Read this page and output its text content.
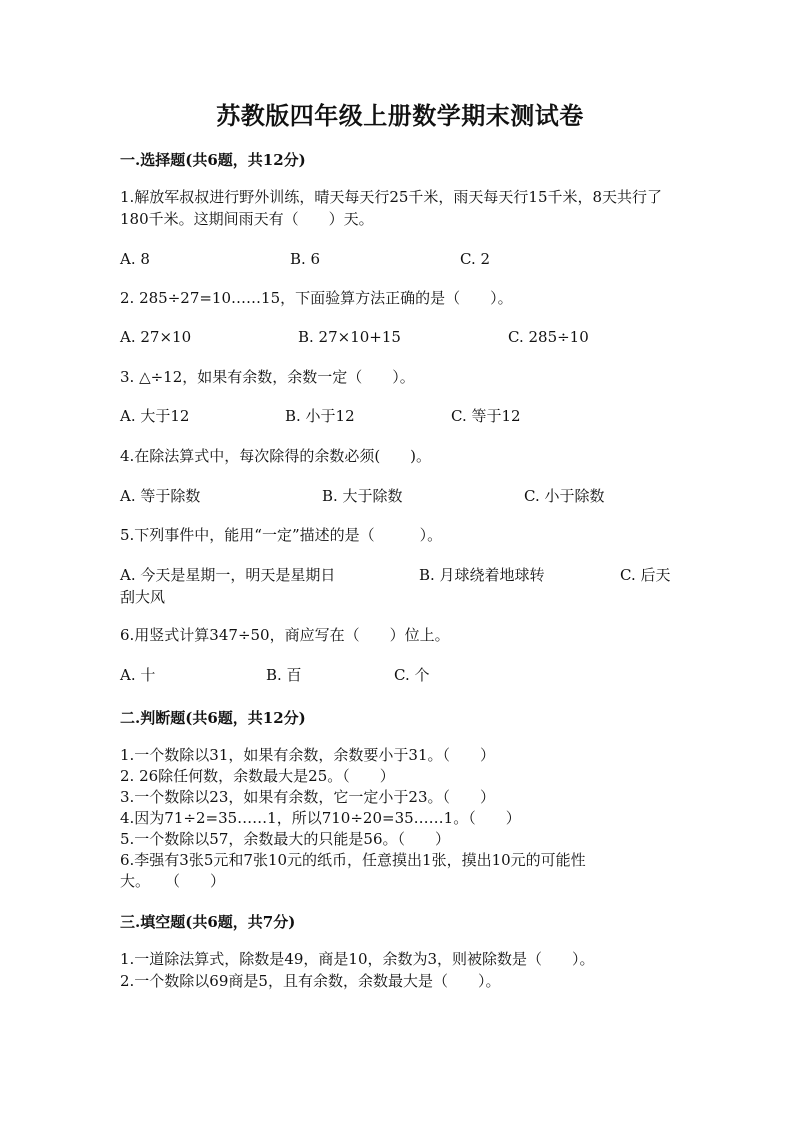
苏教版四年级上册数学期末测试卷
一.选择题(共6题，共12分)
1.解放军叔叔进行野外训练，晴天每天行25千米，雨天每天行15千米，8天共行了180千米。这期间雨天有（　　）天。
A. 8	B. 6	C. 2
2. 285÷27=10……15，下面验算方法正确的是（　　）。
A. 27×10	B. 27×10+15	C. 285÷10
3. △÷12，如果有余数，余数一定（　　）。
A. 大于12	B. 小于12	C. 等于12
4.在除法算式中，每次除得的余数必须(　　)。
A. 等于除数	B. 大于除数	C. 小于除数
5.下列事件中，能用“一定”描述的是（　　　）。
A. 今天是星期一，明天是星期日	B. 月球绕着地球转	C. 后天
刮大风
6.用竖式计算347÷50，商应写在（　　）位上。
A. 十	B. 百	C. 个
二.判断题(共6题，共12分)
1.一个数除以31，如果有余数，余数要小于31。（　　）
2. 26除任何数，余数最大是25。（　　）
3.一个数除以23，如果有余数，它一定小于23。（　　）
4.因为71÷2=35……1，所以710÷20=35……1。（　　）
5.一个数除以57，余数最大的只能是56。（　　）
6.李强有3张5元和7张10元的纸币，任意摸出1张，摸出10元的可能性
大。　　（　　）
三.填空题(共6题，共7分)
1.一道除法算式，除数是49，商是10，余数为3，则被除数是（　　）。
2.一个数除以69商是5，且有余数，余数最大是（　　）。
